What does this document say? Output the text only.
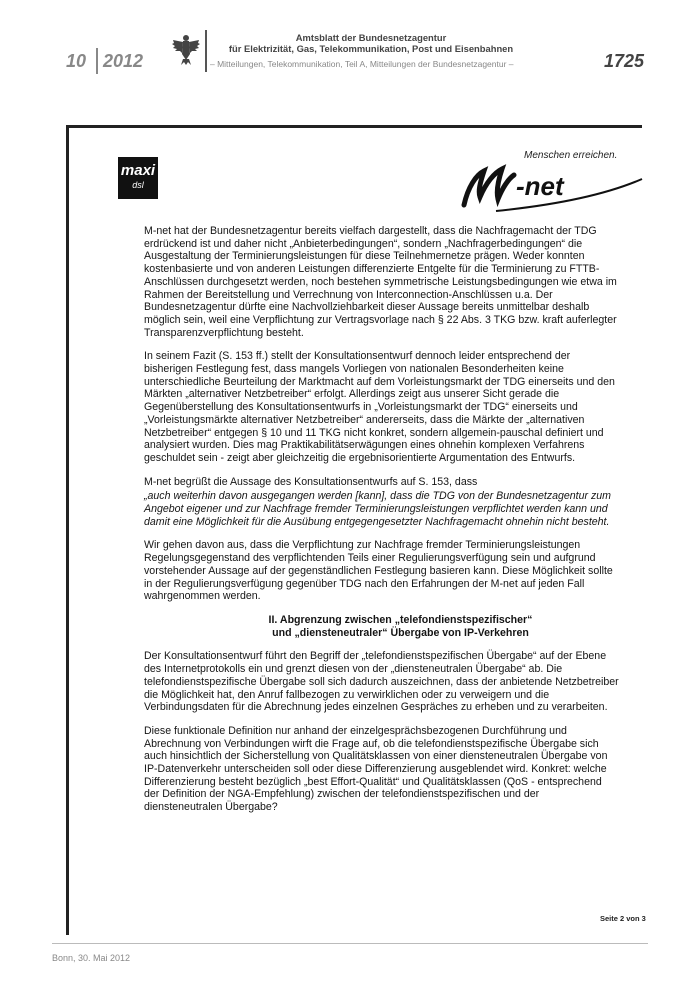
10 2012
Amtsblatt der Bundesnetzagentur
für Elektrizität, Gas, Telekommunikation, Post und Eisenbahnen
– Mitteilungen, Telekommunikation, Teil A, Mitteilungen der Bundesnetzagentur –	1725
maxi
dsl	-net
Menschen erreichen.

M-net hat der Bundesnetzagentur bereits vielfach dargestellt, dass die Nachfragemacht der TDG erdrückend ist und daher nicht „Anbieterbedingungen“, sondern „Nachfragerbedingungen“ die Ausgestaltung der Terminierungsleistungen für diese Teilnehmernetze prägen. Weder konnten kostenbasierte und von anderen Leistungen differenzierte Entgelte für die Terminierung zu FTTB-Anschlüssen durchgesetzt werden, noch bestehen symmetrische Leistungsbedingungen wie etwa im Rahmen der Bereitstellung und Verrechnung von Interconnection-Anschlüssen u.a. Der Bundesnetzagentur dürfte eine Nachvollziehbarkeit dieser Aussage bereits unmittelbar deshalb möglich sein, weil eine Verpflichtung zur Vertragsvorlage nach § 22 Abs. 3 TKG bzw. kraft auferlegter Transparenzverpflichtung besteht.

In seinem Fazit (S. 153 ff.) stellt der Konsultationsentwurf dennoch leider entsprechend der bisherigen Festlegung fest, dass mangels Vorliegen von nationalen Besonderheiten keine unterschiedliche Beurteilung der Marktmacht auf dem Vorleistungsmarkt der TDG einerseits und den Märkten „alternativer Netzbetreiber“ erfolgt. Allerdings zeigt aus unserer Sicht gerade die Gegenüberstellung des Konsultationsentwurfs in „Vorleistungsmarkt der TDG“ einerseits und „Vorleistungsmärkte alternativer Netzbetreiber“ andererseits, dass die Märkte der „alternativen Netzbetreiber“ entgegen § 10 und 11 TKG nicht konkret, sondern allgemein-pauschal definiert und analysiert wurden. Dies mag Praktikabilitätserwägungen eines ohnehin komplexen Verfahrens geschuldet sein - zeigt aber gleichzeitig die ergebnisorientierte Argumentation des Entwurfs.

M-net begrüßt die Aussage des Konsultationsentwurfs auf S. 153, dass

„auch weiterhin davon ausgegangen werden [kann], dass die TDG von der Bundesnetzagentur zum Angebot eigener und zur Nachfrage fremder Terminierungsleistungen verpflichtet werden kann und damit eine Möglichkeit für die Ausübung entgegengesetzter Nachfragemacht ohnehin nicht besteht.

Wir gehen davon aus, dass die Verpflichtung zur Nachfrage fremder Terminierungsleistungen Regelungsgegenstand des verpflichtenden Teils einer Regulierungsverfügung sein und aufgrund vorstehender Aussage auf der gegenständlichen Festlegung basieren kann. Diese Möglichkeit sollte in der Regulierungsverfügung gegenüber TDG nach den Erfahrungen der M-net auf jeden Fall wahrgenommen werden.

II. Abgrenzung zwischen „telefondienstspezifischer“
und „diensteneutraler“ Übergabe von IP-Verkehren

Der Konsultationsentwurf führt den Begriff der „telefondienstspezifischen Übergabe“ auf der Ebene des Internetprotokolls ein und grenzt diesen von der „diensteneutralen Übergabe“ ab. Die telefondienstspezifische Übergabe soll sich dadurch auszeichnen, dass der anbietende Netzbetreiber die Möglichkeit hat, den Anruf fallbezogen zu verwirklichen oder zu verweigern und die Verbindungsdaten für die Abrechnung jedes einzelnen Gespräches zu erheben und zu verarbeiten.

Diese funktionale Definition nur anhand der einzelgesprächsbezogenen Durchführung und Abrechnung von Verbindungen wirft die Frage auf, ob die telefondienstspezifische Übergabe sich auch hinsichtlich der Sicherstellung von Qualitätsklassen von einer diensteneutralen Übergabe von IP-Datenverkehr unterscheiden soll oder diese Differenzierung ausgeblendet wird. Konkret: welche Differenzierung besteht bezüglich „best Effort-Qualität“ und Qualitätsklassen (QoS - entsprechend der Definition der NGA-Empfehlung) zwischen der telefondienstspezifischen und der diensteneutralen Übergabe?

Seite 2 von 3
Bonn, 30. Mai 2012
